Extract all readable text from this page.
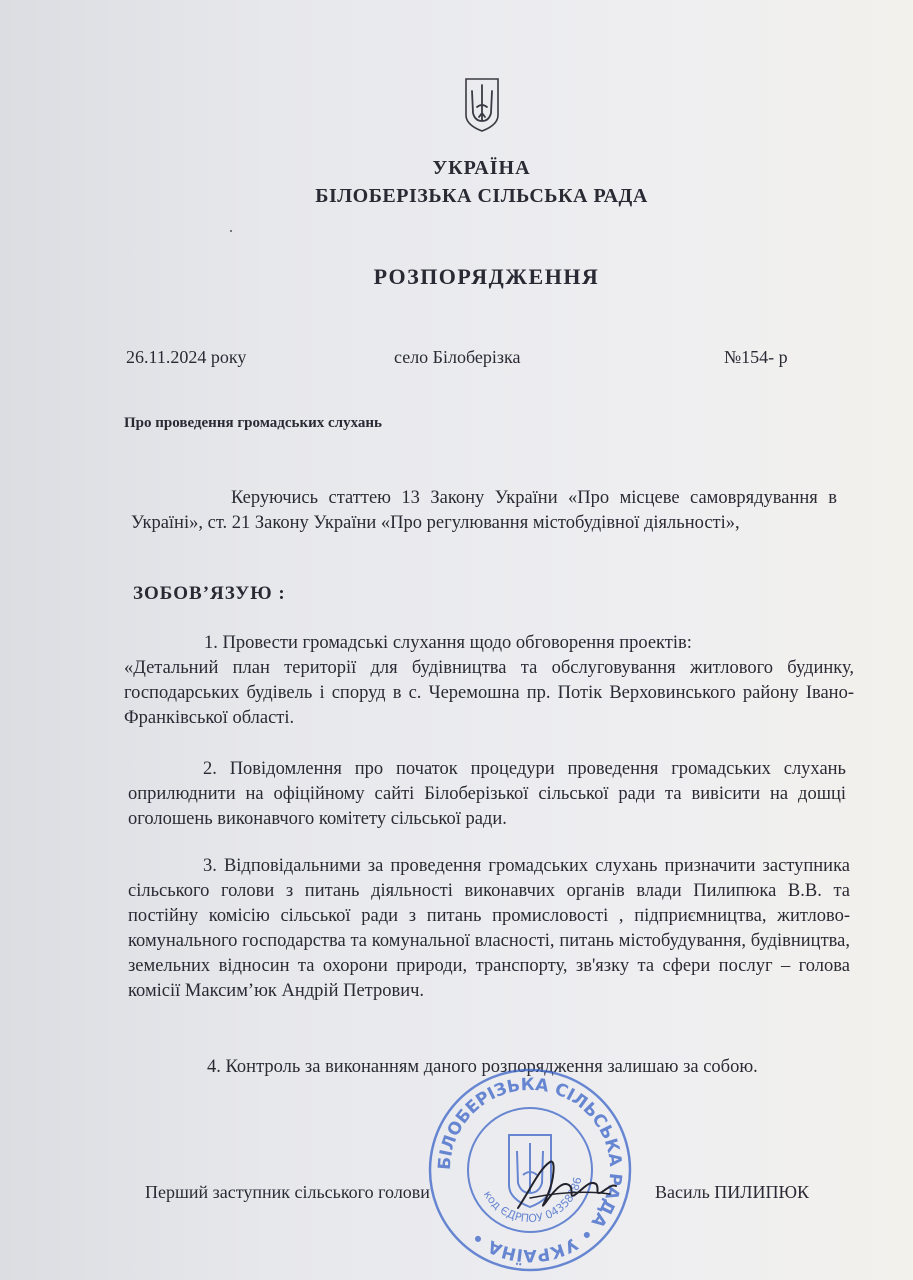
УКРАЇНА
БІЛОБЕРІЗЬКА СІЛЬСЬКА РАДА
РОЗПОРЯДЖЕННЯ
26.11.2024 року	село Білоберізка	№154- р
Про проведення громадських слухань
Керуючись статтею 13 Закону України «Про місцеве самоврядування в Україні», ст. 21 Закону України «Про регулювання містобудівної діяльності»,
ЗОБОВ’ЯЗУЮ :
1. Провести громадські слухання щодо обговорення проектів:
«Детальний план території для будівництва та обслуговування житлового будинку, господарських будівель і споруд в с. Черемошна пр. Потік Верховинського району Івано-Франківської області.
2. Повідомлення про початок процедури проведення громадських слухань оприлюднити на офіційному сайті Білоберізької сільської ради та вивісити на дошці оголошень виконавчого комітету сільської ради.
3. Відповідальними за проведення громадських слухань призначити заступника сільського голови з питань діяльності виконавчих органів влади Пилипюка В.В. та постійну комісію сільської ради з питань промисловості , підприємництва, житлово-комунального господарства та комунальної власності, питань містобудування, будівництва, земельних відносин та охорони природи, транспорту, зв'язку та сфери послуг – голова комісії Максим’юк Андрій Петрович.
4. Контроль за виконанням даного розпорядження залишаю за собою.
Перший заступник сільського голови	Василь ПИЛИПЮК
БІЛОБЕРІЗЬКА СІЛЬСЬКА РАДА • УКРАЇНА •
код ЄДРПОУ 04358386
